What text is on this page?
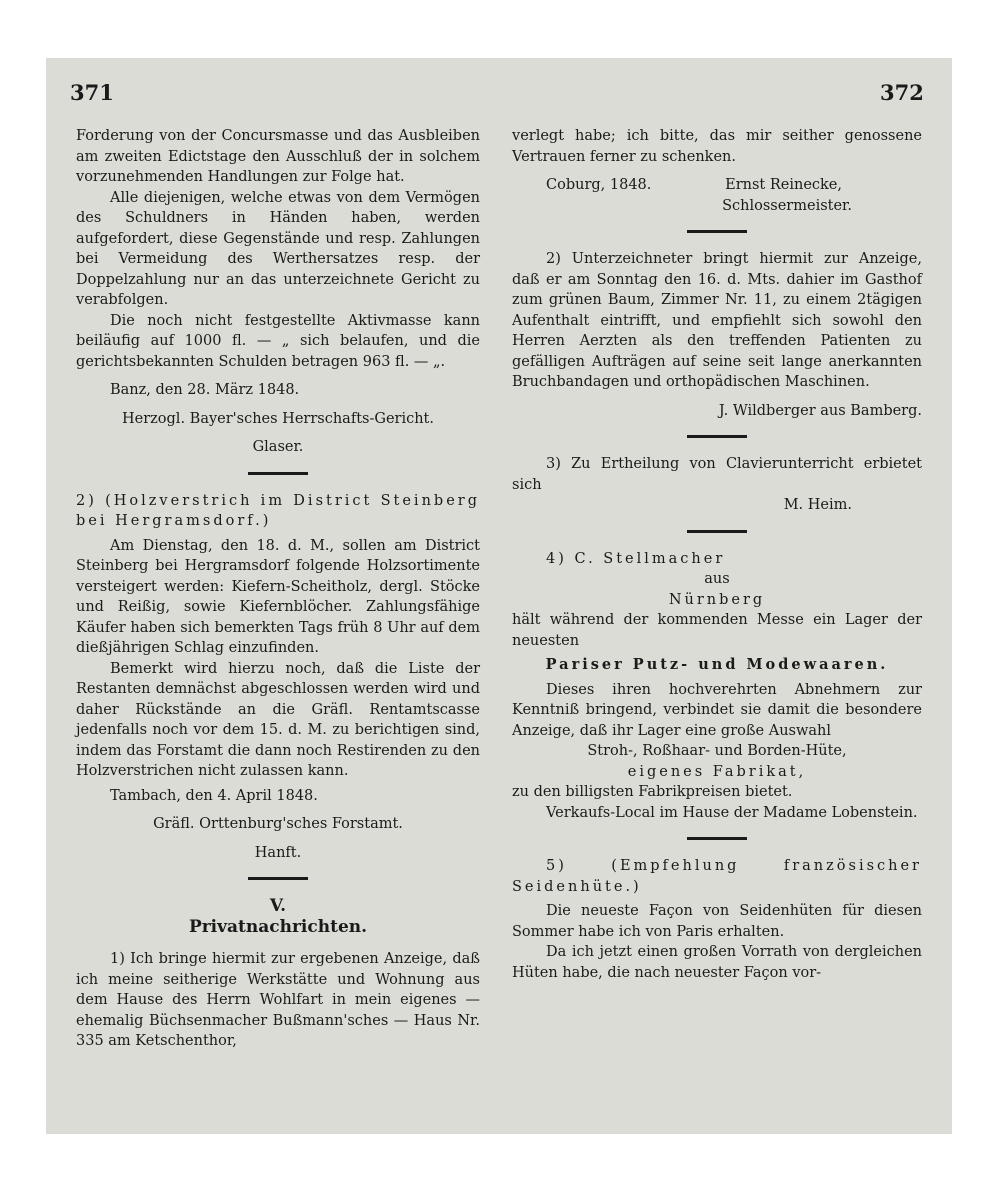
371	372

Forderung von der Concursmasse und das Ausbleiben am zweiten Edictstage den Ausschluß der in solchem vorzunehmenden Handlungen zur Folge hat.

Alle diejenigen, welche etwas von dem Vermögen des Schuldners in Händen haben, werden aufgefordert, diese Gegenstände und resp. Zahlungen bei Vermeidung des Werthersatzes resp. der Doppelzahlung nur an das unterzeichnete Gericht zu verabfolgen.

Die noch nicht festgestellte Aktivmasse kann beiläufig auf 1000 fl. — „ sich belaufen, und die gerichtsbekannten Schulden betragen 963 fl. — „.

Banz, den 28. März 1848.

Herzogl. Bayer'sches Herrschafts-Gericht.

Glaser.

2) (Holzverstrich im District Steinberg bei Hergramsdorf.)

Am Dienstag, den 18. d. M., sollen am District Steinberg bei Hergramsdorf folgende Holzsortimente versteigert werden: Kiefern-Scheitholz, dergl. Stöcke und Reißig, sowie Kiefernblöcher. Zahlungsfähige Käufer haben sich bemerkten Tags früh 8 Uhr auf dem dießjährigen Schlag einzufinden.

Bemerkt wird hierzu noch, daß die Liste der Restanten demnächst abgeschlossen werden wird und daher Rückstände an die Gräfl. Rentamtscasse jedenfalls noch vor dem 15. d. M. zu berichtigen sind, indem das Forstamt die dann noch Restirenden zu den Holzverstrichen nicht zulassen kann.

Tambach, den 4. April 1848.

Gräfl. Orttenburg'sches Forstamt.

Hanft.

V.

Privatnachrichten.

1) Ich bringe hiermit zur ergebenen Anzeige, daß ich meine seitherige Werkstätte und Wohnung aus dem Hause des Herrn Wohlfart in mein eigenes — ehemalig Büchsenmacher Bußmann'sches — Haus Nr. 335 am Ketschenthor,

verlegt habe; ich bitte, das mir seither genossene Vertrauen ferner zu schenken.

Coburg, 1848.	Ernst Reinecke,

Schlossermeister.

2) Unterzeichneter bringt hiermit zur Anzeige, daß er am Sonntag den 16. d. Mts. dahier im Gasthof zum grünen Baum, Zimmer Nr. 11, zu einem 2tägigen Aufenthalt eintrifft, und empfiehlt sich sowohl den Herren Aerzten als den treffenden Patienten zu gefälligen Aufträgen auf seine seit lange anerkannten Bruchbandagen und orthopädischen Maschinen.

J. Wildberger aus Bamberg.

3) Zu Ertheilung von Clavierunterricht erbietet sich

M. Heim.

4) C. Stellmacher

aus

Nürnberg

hält während der kommenden Messe ein Lager der neuesten

Pariser Putz- und Modewaaren.

Dieses ihren hochverehrten Abnehmern zur Kenntniß bringend, verbindet sie damit die besondere Anzeige, daß ihr Lager eine große Auswahl

Stroh-, Roßhaar- und Borden-Hüte,

eigenes Fabrikat,

zu den billigsten Fabrikpreisen bietet.

Verkaufs-Local im Hause der Madame Lobenstein.

5) (Empfehlung französischer Seidenhüte.)

Die neueste Façon von Seidenhüten für diesen Sommer habe ich von Paris erhalten.

Da ich jetzt einen großen Vorrath von dergleichen Hüten habe, die nach neuester Façon vor-
